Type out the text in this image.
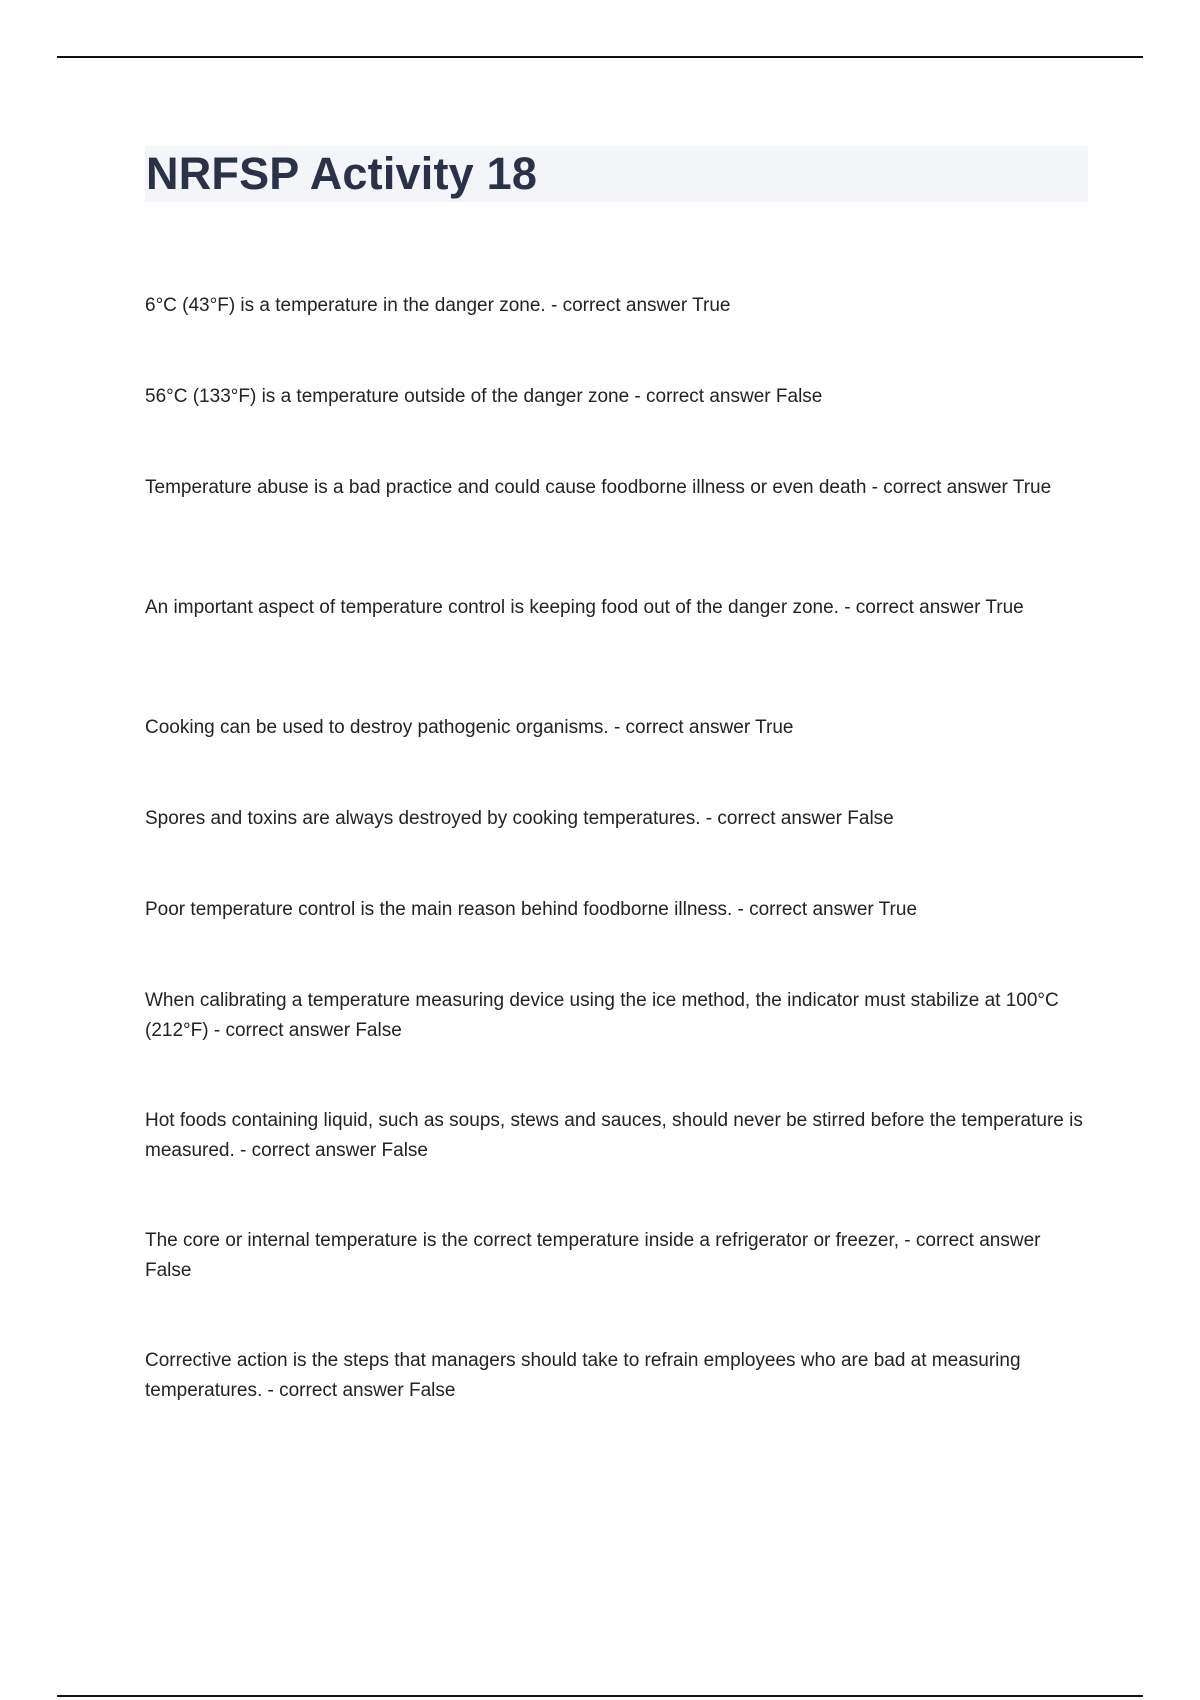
NRFSP Activity 18

6°C (43°F) is a temperature in the danger zone. - correct answer True

56°C (133°F) is a temperature outside of the danger zone - correct answer False

Temperature abuse is a bad practice and could cause foodborne illness or even death - correct answer True

An important aspect of temperature control is keeping food out of the danger zone. - correct answer True

Cooking can be used to destroy pathogenic organisms. - correct answer True

Spores and toxins are always destroyed by cooking temperatures. - correct answer False

Poor temperature control is the main reason behind foodborne illness. - correct answer True

When calibrating a temperature measuring device using the ice method, the indicator must stabilize at 100°C (212°F) - correct answer False

Hot foods containing liquid, such as soups, stews and sauces, should never be stirred before the temperature is measured. - correct answer False

The core or internal temperature is the correct temperature inside a refrigerator or freezer, - correct answer False

Corrective action is the steps that managers should take to refrain employees who are bad at measuring temperatures. - correct answer False
